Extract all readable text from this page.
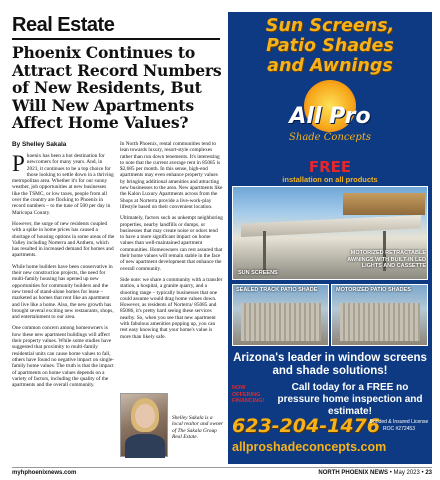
Real Estate
Phoenix Continues to Attract Record Numbers of New Residents, But Will New Apartments Affect Home Values?
By Shelley Sakala

Phoenix has been a hot destination for newcomers for many years. And, in 2021, it continues to be a top choice for those looking to settle down in a thriving metropolitan area. Whether it's for our sunny weather, job opportunities at new businesses like the TSMC, or low taxes, people from all over the country are flocking to Phoenix in record numbers – to the tune of 500 per day in Maricopa County.

However, the surge of new residents coupled with a spike in home prices has caused a shortage of housing options in some areas of the Valley including Norterra and Anthem, which has resulted in increased demand for homes and apartments.

While home builders have been conservative in their new construction projects, the need for multi-family housing has opened up new opportunities for community builders and the new trend of stand-alone homes for lease – marketed as homes that rent like an apartment and live like a home. Also, the new growth has brought several exciting new restaurants, shops, and entertainment to our area.

One common concern among homeowners is how these new apartment buildings will affect their property values. While some studies have suggested that proximity to multi-family residential units can cause home values to fall, others have found no negative impact on single-family home values. The truth is that the impact of apartments on home values depends on a variety of factors, including the quality of the apartments and the overall community.

In North Phoenix, rental communities tend to lean towards luxury, resort-style complexes rather than run down tenements. It's interesting to note that the current average rent in 85085 is $2,685 per month. In this sense, high-end apartments may even enhance property values by bringing additional amenities and attracting new businesses to the area. New apartments like the Kalon Luxury Apartments across from the Shops at Norterra provide a live-work-play lifestyle based on their convenient location.

Ultimately, factors such as unkempt neighboring properties, nearby landfills or dumps, or businesses that may create noise or odors tend to have a more significant impact on home values than well-maintained apartment communities. Homeowners can rest assured that their home values will remain stable in the face of new apartment development that enhance the overall community.

Side note: we share a community with a transfer station, a hospital, a granite quarry, and a shooting range – typically businesses that one could assume would drag home values down. However, as residents of Norterra/ 85085 and 85086, it's pretty hard seeing these services nearby. So, when you see that new apartment with fabulous amenities popping up, you can rest easy knowing that your home's value is more than likely safe.

Shelley Sakala is a local realtor and owner of The Sakala Group Real Estate.
Sun Screens,
Patio Shades
and Awnings
All Pro
Shade Concepts
FREE
installation on all products
SUN SCREENS
MOTORIZED RETRACTABLE AWNINGS WITH BUILT-IN LED LIGHTS AND CASSETTE
SEALED TRACK PATIO SHADE	MOTORIZED PATIO SHADES
Arizona's leader in window screens and shade solutions!
NOW OFFERING FINANCING!
Call today for a FREE no pressure home inspection and estimate!
623-204-1476
Bonded & Insured License ROC #272453
allproshadeconcepts.com
myhphoenixnews.com	NORTH PHOENIX NEWS • May 2023 • 23
